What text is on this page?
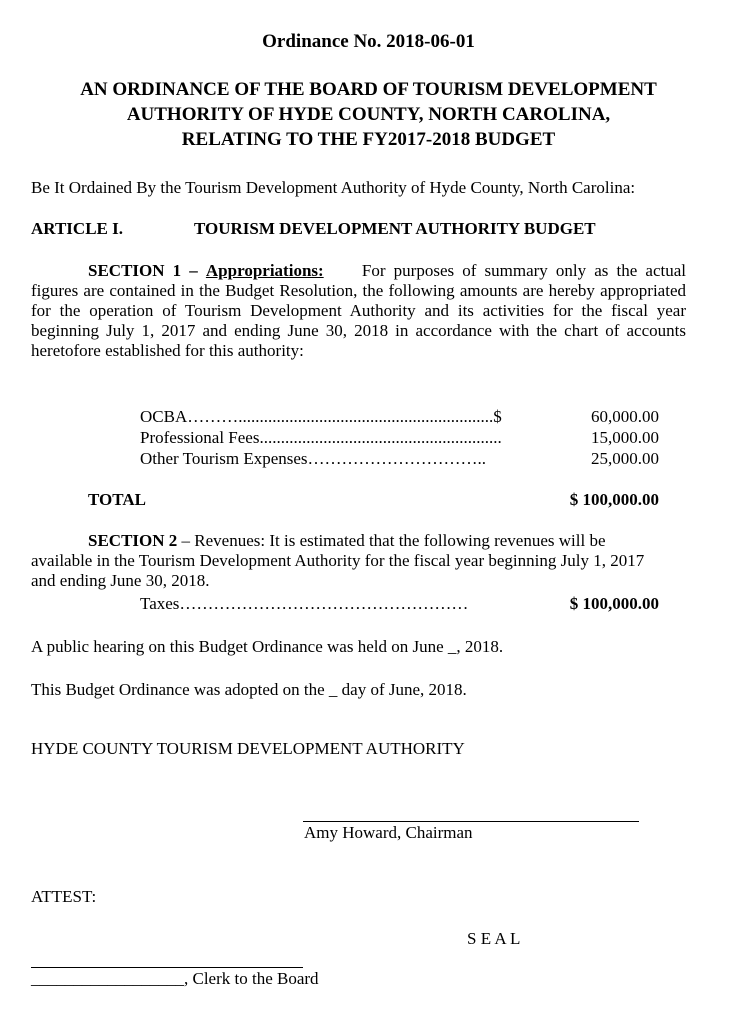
Ordinance No. 2018-06-01
AN ORDINANCE OF THE BOARD OF TOURISM DEVELOPMENT
AUTHORITY OF HYDE COUNTY, NORTH CAROLINA,
RELATING TO THE FY2017-2018 BUDGET
Be It Ordained By the Tourism Development Authority of Hyde County, North Carolina:
ARTICLE I.	TOURISM DEVELOPMENT AUTHORITY BUDGET
SECTION 1 – Appropriations: For purposes of summary only as the actual figures are contained in the Budget Resolution, the following amounts are hereby appropriated for the operation of Tourism Development Authority and its activities for the fiscal year beginning July 1, 2017 and ending June 30, 2018 in accordance with the chart of accounts heretofore established for this authority:
OCBA………............................................................$	60,000.00
Professional Fees.........................................................	15,000.00
Other Tourism Expenses…………………………..	25,000.00
TOTAL	$ 100,000.00
SECTION 2 – Revenues: It is estimated that the following revenues will be available in the Tourism Development Authority for the fiscal year beginning July 1, 2017 and ending June 30, 2018.
Taxes……………………………………………	$ 100,000.00
A public hearing on this Budget Ordinance was held on June _, 2018.
This Budget Ordinance was adopted on the _ day of June, 2018.
HYDE COUNTY TOURISM DEVELOPMENT AUTHORITY
Amy Howard, Chairman
ATTEST:
S E A L
__________________, Clerk to the Board
